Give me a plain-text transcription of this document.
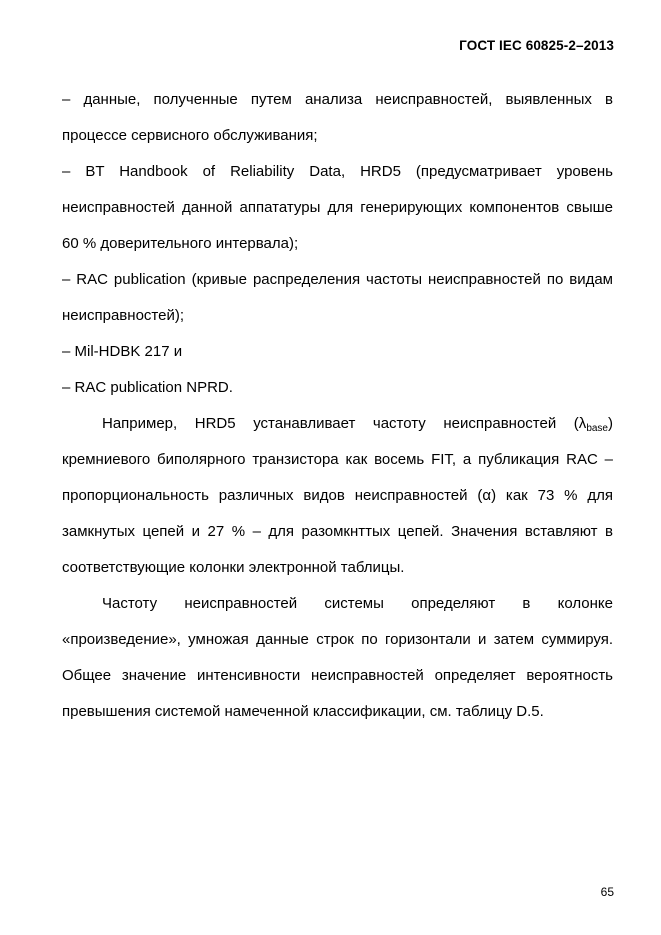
ГОСТ IEC 60825-2–2013

– данные, полученные путем анализа неисправностей, выявленных в процессе сервисного обслуживания;

– BT Handbook of Reliability Data, HRD5 (предусматривает уровень неисправностей данной аппататуры для генерирующих компонентов свыше 60 % доверительного интервала);

– RAC publication (кривые распределения частоты неисправностей по видам неисправностей);

– Mil-HDBK 217 и

– RAC publication NPRD.

Например, HRD5 устанавливает частоту неисправностей $(\lambda_{base})$ кремниевого биполярного транзистора как восемь FIT, а публикация RAC – пропорциональность различных видов неисправностей (α) как 73 % для замкнутых цепей и 27 % – для разомкнттых цепей. Значения вставляют в соответствующие колонки электронной таблицы.

Частоту неисправностей системы определяют в колонке «произведение», умножая данные строк по горизонтали и затем суммируя. Общее значение интенсивности неисправностей определяет вероятность превышения системой намеченной классификации, см. таблицу D.5.

65
